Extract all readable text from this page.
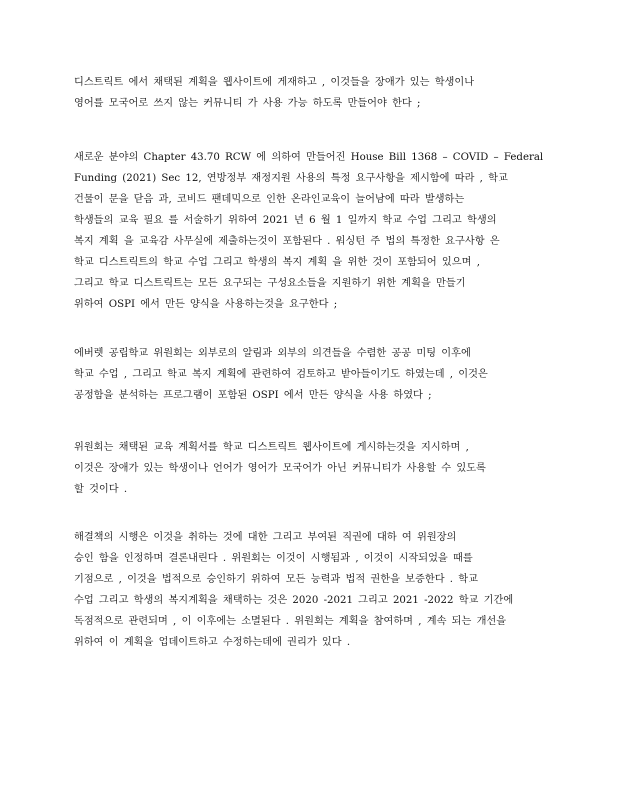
디스트릭트 에서 채택된 계획을 웹사이트에 게재하고 , 이것들을 장애가 있는 학생이나
영어를 모국어로 쓰지 않는 커뮤니티 가 사용 가능 하도록 만들어야 한다 ;
새로운 분야의 Chapter 43.70 RCW 에 의하여 만들어진 House Bill 1368 – COVID – Federal
Funding (2021) Sec 12, 연방정부 재정지원 사용의 특정 요구사항을 제시함에 따라 , 학교
건물이 문을 닫음 과, 코비드 팬데믹으로 인한 온라인교육이 늘어남에 따라 발생하는
학생들의 교육 필요 를 서술하기 위하여 2021 년 6 월 1 일까지 학교 수업 그리고 학생의
복지 계획 을 교육감 사무실에 제출하는것이 포함된다 . 워싱턴 주 법의 특정한 요구사항 은
학교 디스트릭트의 학교 수업 그리고 학생의 복지 계획 을 위한 것이 포함되어 있으며 ,
그리고 학교 디스트릭트는 모든 요구되는 구성요소들을 지원하기 위한 계획을 만들기
위하여 OSPI 에서 만든 양식을 사용하는것을 요구한다 ;
에버렛 공립학교 위원회는 외부로의 알림과 외부의 의견들을 수렴한 공공 미팅 이후에
학교 수업 , 그리고 학교 복지 계획에 관련하여 검토하고 받아들이기도 하였는데 , 이것은
공정함을 분석하는 프로그램이 포함된 OSPI 에서 만든 양식을 사용 하였다 ;
위원회는 채택된 교육 계획서를 학교 디스트릭트 웹사이트에 게시하는것을 지시하며 ,
이것은 장애가 있는 학생이나 언어가 영어가 모국어가 아닌 커뮤니티가 사용할 수 있도록
할 것이다 .
해결책의 시행은 이것을 취하는 것에 대한 그리고 부여된 직권에 대하 여 위원장의
승인 함을 인정하며 결론내린다 . 위원회는 이것이 시행됨과 , 이것이 시작되었을 때를
기점으로 , 이것을 법적으로 승인하기 위하여 모든 능력과 법적 권한을 보증한다 . 학교
수업 그리고 학생의 복지계획을 채택하는 것은 2020 -2021 그리고 2021 -2022 학교 기간에
독점적으로 관련되며 , 이 이후에는 소멸된다 . 위원회는 계획을 참여하며 , 계속 되는 개선을
위하여 이 계획을 업데이트하고 수정하는데에 권리가 있다 .
